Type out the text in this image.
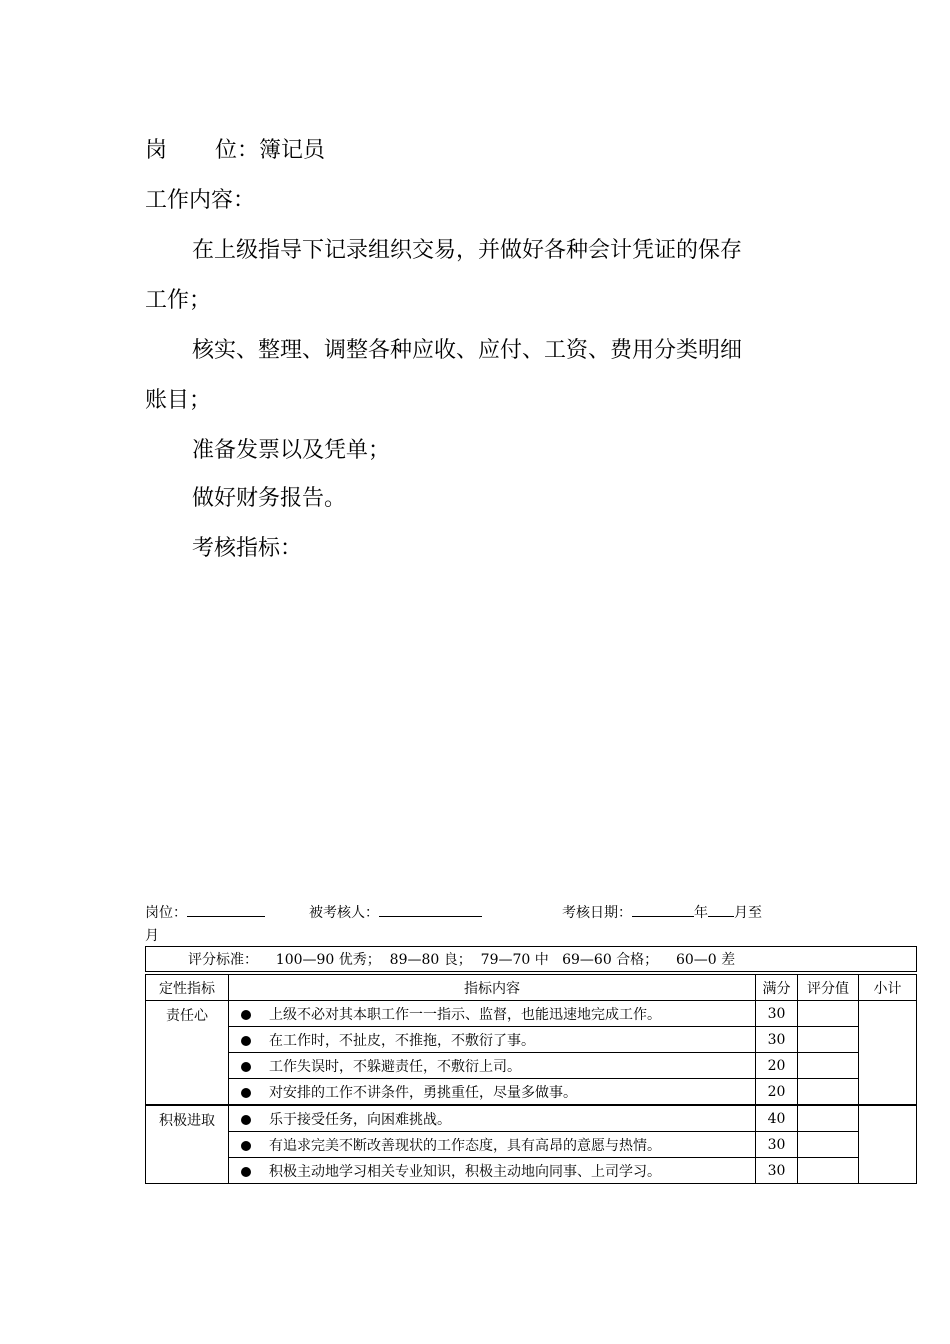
岗 位：簿记员
工作内容：
在上级指导下记录组织交易，并做好各种会计凭证的保存
工作；
核实、整理、调整各种应收、应付、工资、费用分类明细
账目；
准备发票以及凭单；
做好财务报告。
考核指标：
岗位：	被考核人：	考核日期：	年 月至
月
评分标准：    100—90 优秀；  89—80 良；  79—70 中   69—60 合格；    60—0 差				
定性指标	指标内容	满分	评分值	小计
责任心	上级不必对其本职工作一一指示、监督，也能迅速地完成工作。	30		
	在工作时，不扯皮，不推拖，不敷衍了事。	30		
	工作失误时，不躲避责任，不敷衍上司。	20		
	对安排的工作不讲条件，勇挑重任，尽量多做事。	20		
积极进取	乐于接受任务，向困难挑战。	40		
	有追求完美不断改善现状的工作态度，具有高昂的意愿与热情。	30		
	积极主动地学习相关专业知识，积极主动地向同事、上司学习。	30		
